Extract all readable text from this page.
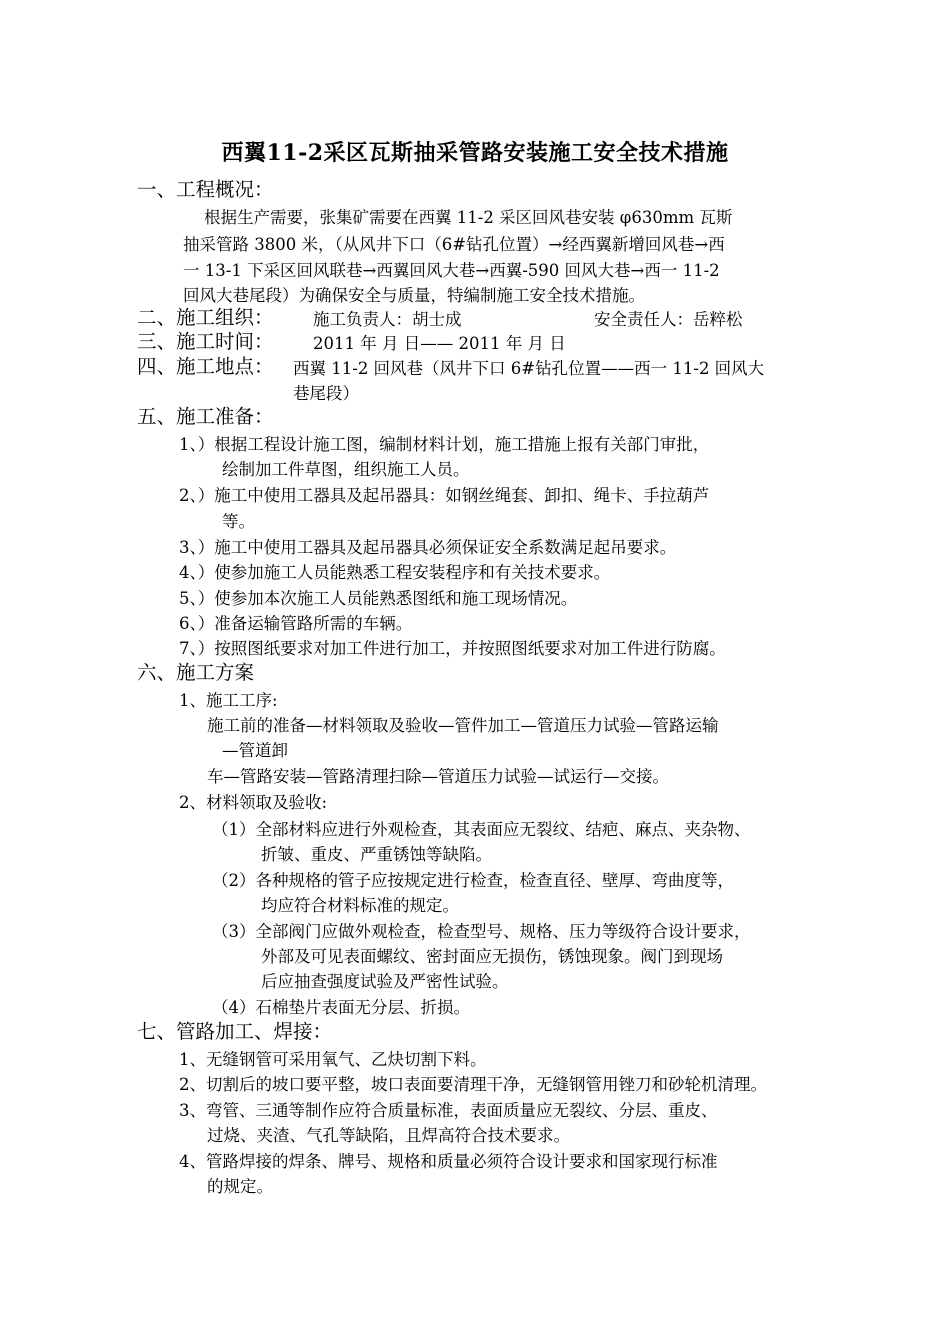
西翼11-2采区瓦斯抽采管路安装施工安全技术措施
一、工程概况：
根据生产需要，张集矿需要在西翼 11-2 采区回风巷安装 φ630mm 瓦斯
抽采管路 3800 米，（从风井下口（6#钻孔位置）→经西翼新增回风巷→西
一 13-1 下采区回风联巷→西翼回风大巷→西翼-590 回风大巷→西一 11-2
回风大巷尾段）为确保安全与质量，特编制施工安全技术措施。
二、施工组织： 施工负责人：胡士成	安全责任人：岳粹松
三、施工时间： 2011 年 月 日—— 2011 年 月 日
四、施工地点： 西翼 11-2 回风巷（风井下口 6#钻孔位置——西一 11-2 回风大
巷尾段）
五、施工准备：
1、）根据工程设计施工图，编制材料计划，施工措施上报有关部门审批，
绘制加工件草图，组织施工人员。
2、）施工中使用工器具及起吊器具：如钢丝绳套、卸扣、绳卡、手拉葫芦
等。
3、）施工中使用工器具及起吊器具必须保证安全系数满足起吊要求。
4、）使参加施工人员能熟悉工程安装程序和有关技术要求。
5、）使参加本次施工人员能熟悉图纸和施工现场情况。
6、）准备运输管路所需的车辆。
7、）按照图纸要求对加工件进行加工，并按照图纸要求对加工件进行防腐。
六、施工方案
1、施工工序:
施工前的准备—材料领取及验收—管件加工—管道压力试验—管路运输
—管道卸
车—管路安装—管路清理扫除—管道压力试验—试运行—交接。
2、材料领取及验收:
（1）全部材料应进行外观检查，其表面应无裂纹、结疤、麻点、夹杂物、
折皱、重皮、严重锈蚀等缺陷。
（2）各种规格的管子应按规定进行检查，检查直径、壁厚、弯曲度等，
均应符合材料标准的规定。
（3）全部阀门应做外观检查，检查型号、规格、压力等级符合设计要求，
外部及可见表面螺纹、密封面应无损伤，锈蚀现象。阀门到现场
后应抽查强度试验及严密性试验。
（4）石棉垫片表面无分层、折损。
七、管路加工、焊接：
1、无缝钢管可采用氧气、乙炔切割下料。
2、切割后的坡口要平整，坡口表面要清理干净，无缝钢管用锉刀和砂轮机清理。
3、弯管、三通等制作应符合质量标准，表面质量应无裂纹、分层、重皮、
过烧、夹渣、气孔等缺陷，且焊高符合技术要求。
4、管路焊接的焊条、牌号、规格和质量必须符合设计要求和国家现行标准
的规定。
